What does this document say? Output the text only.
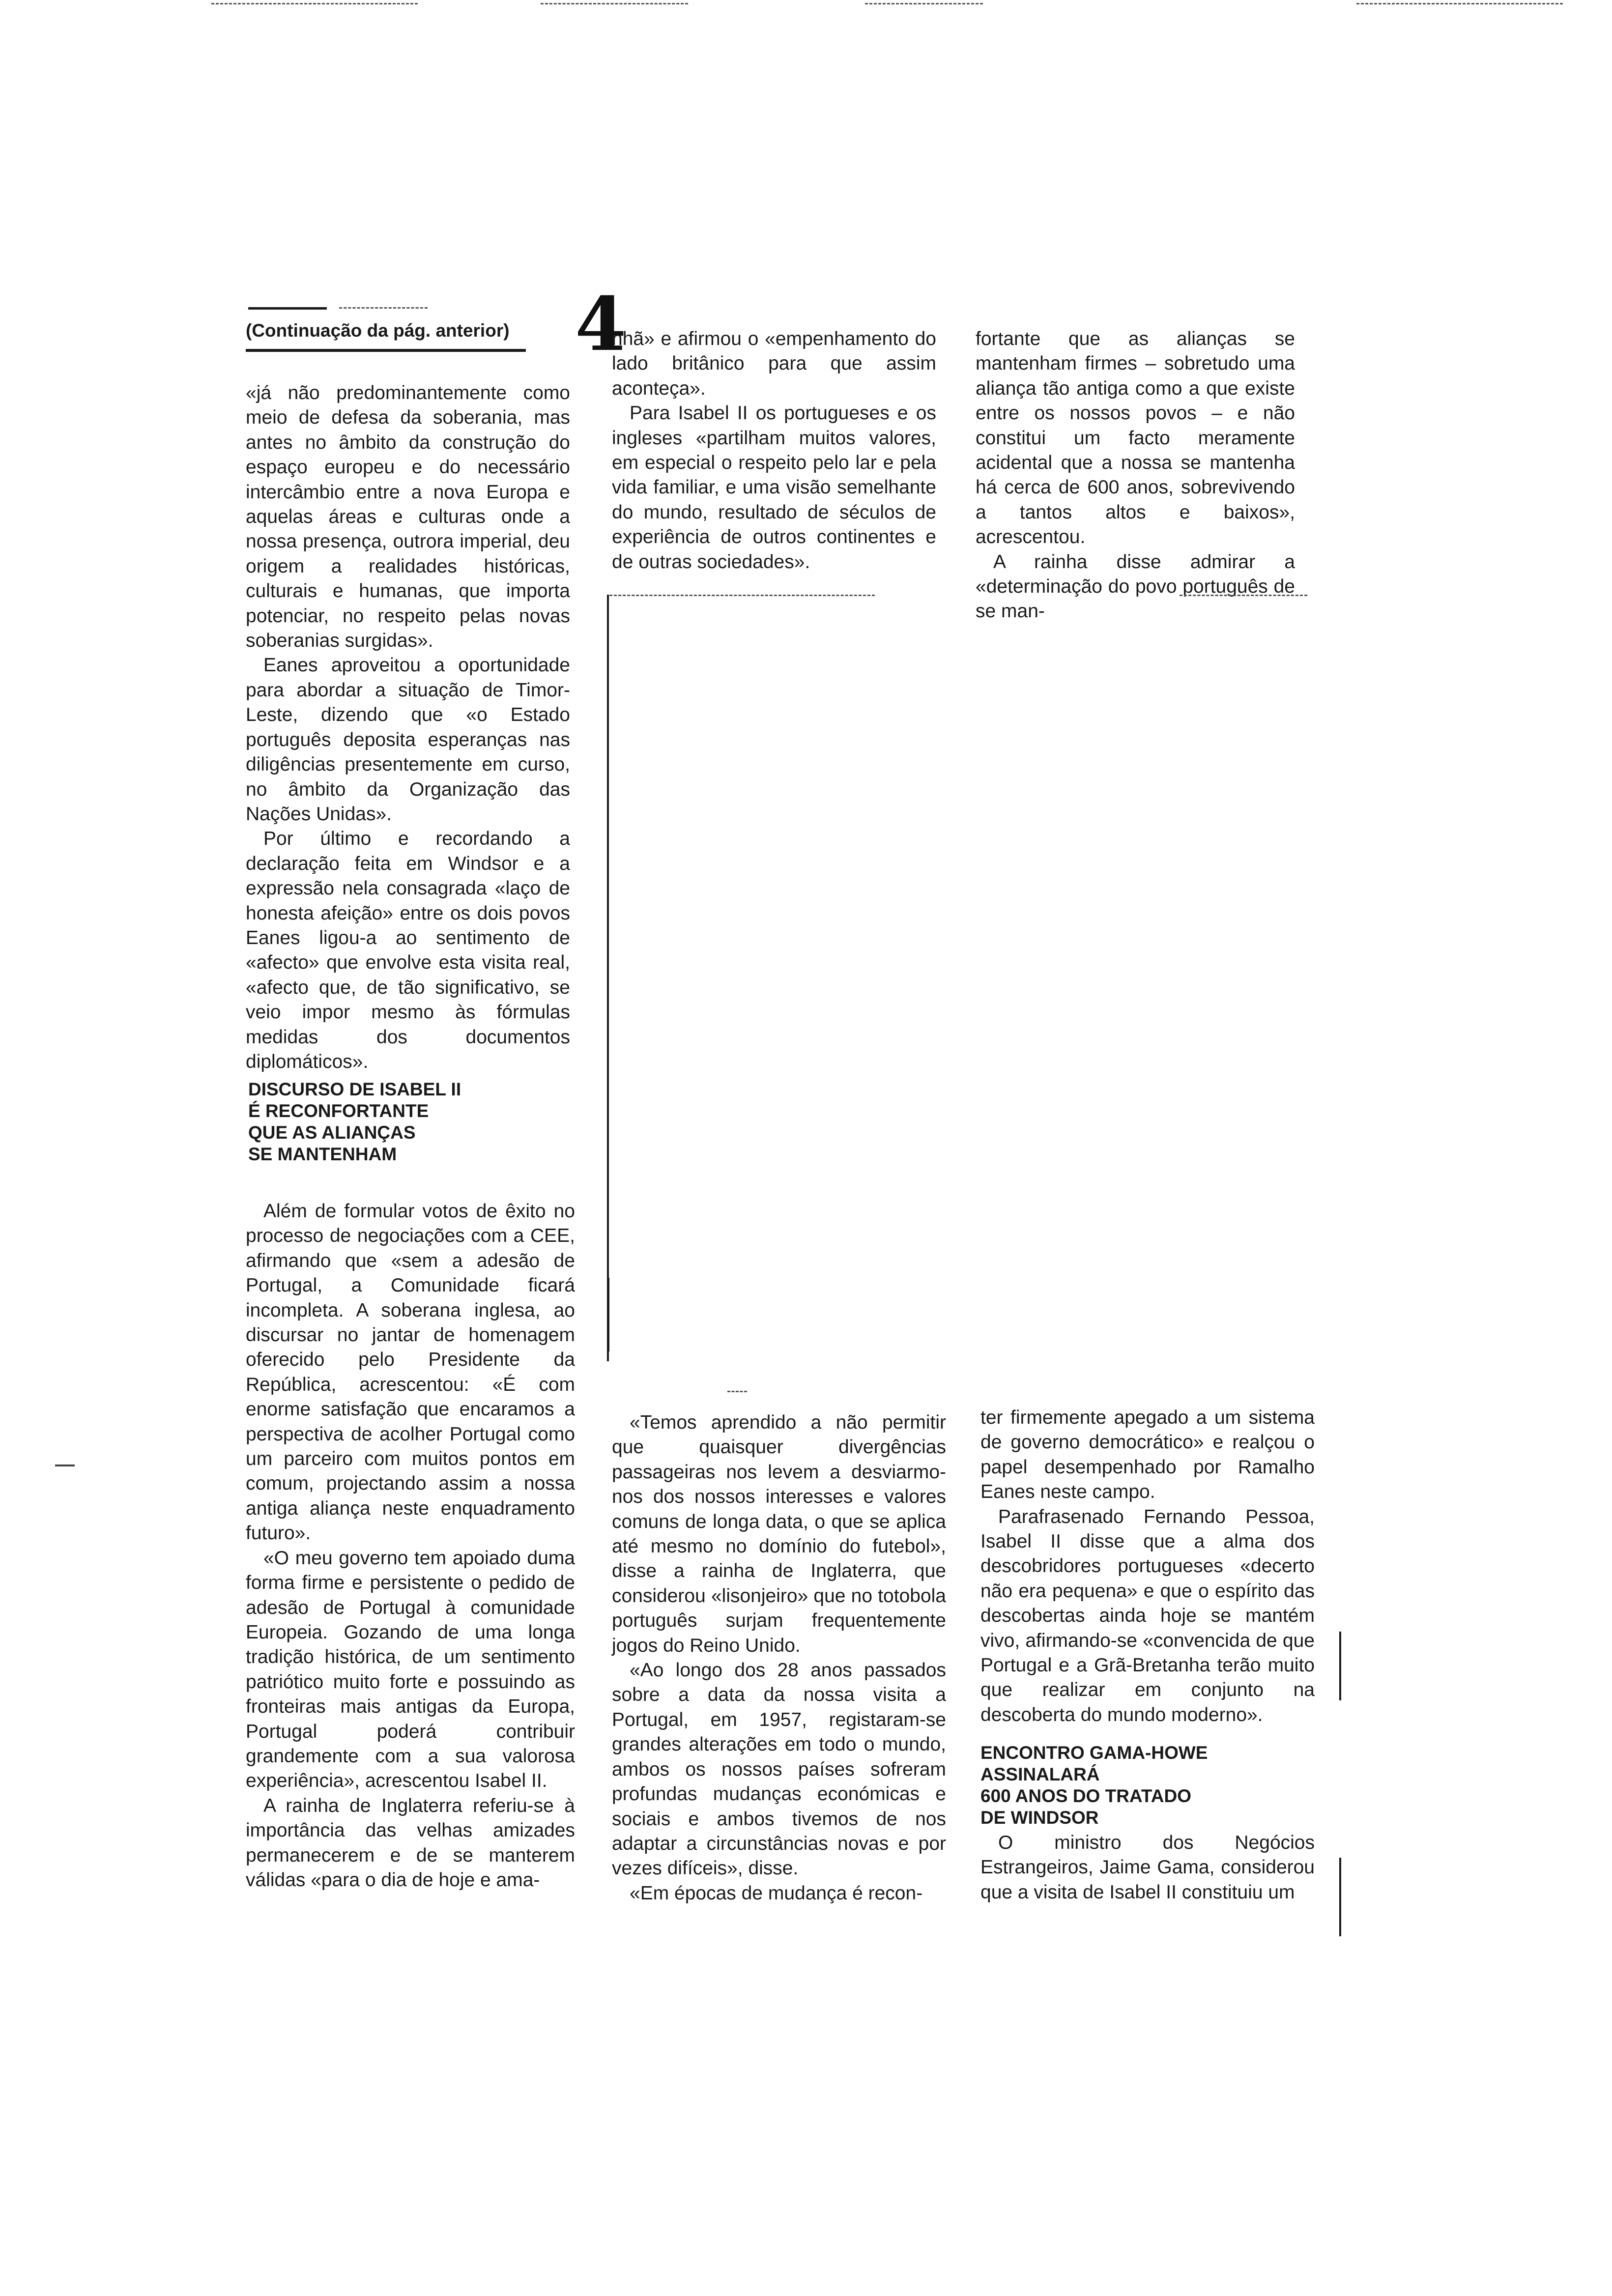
(Continuação da pág. anterior) 4

«já não predominantemente como meio de defesa da soberania, mas antes no âmbito da construção do espaço europeu e do necessário intercâmbio entre a nova Europa e aquelas áreas e culturas onde a nossa presença, outrora imperial, deu origem a realidades históricas, culturais e humanas, que importa potenciar, no respeito pelas novas soberanias surgidas».

Eanes aproveitou a oportunidade para abordar a situação de Timor-Leste, dizendo que «o Estado português deposita esperanças nas diligências presentemente em curso, no âmbito da Organização das Nações Unidas».

Por último e recordando a declaração feita em Windsor e a expressão nela consagrada «laço de honesta afeição» entre os dois povos Eanes ligou-a ao sentimento de «afecto» que envolve esta visita real, «afecto que, de tão significativo, se veio impor mesmo às fórmulas medidas dos documentos diplomáticos».

DISCURSO DE ISABEL II
É RECONFORTANTE
QUE AS ALIANÇAS
SE MANTENHAM

Além de formular votos de êxito no processo de negociações com a CEE, afirmando que «sem a adesão de Portugal, a Comunidade ficará incompleta. A soberana inglesa, ao discursar no jantar de homenagem oferecido pelo Presidente da República, acrescentou: «É com enorme satisfação que encaramos a perspectiva de acolher Portugal como um parceiro com muitos pontos em comum, projectando assim a nossa antiga aliança neste enquadramento futuro».

«O meu governo tem apoiado duma forma firme e persistente o pedido de adesão de Portugal à comunidade Europeia. Gozando de uma longa tradição histórica, de um sentimento patriótico muito forte e possuindo as fronteiras mais antigas da Europa, Portugal poderá contribuir grandemente com a sua valorosa experiência», acrescentou Isabel II.

A rainha de Inglaterra referiu-se à importância das velhas amizades permanecerem e de se manterem válidas «para o dia de hoje e ama-

nhã» e afirmou o «empenhamento do lado britânico para que assim aconteça».

Para Isabel II os portugueses e os ingleses «partilham muitos valores, em especial o respeito pelo lar e pela vida familiar, e uma visão semelhante do mundo, resultado de séculos de experiência de outros continentes e de outras sociedades».

«Temos aprendido a não permitir que quaisquer divergências passageiras nos levem a desviarmo-nos dos nossos interesses e valores comuns de longa data, o que se aplica até mesmo no domínio do futebol», disse a rainha de Inglaterra, que considerou «lisonjeiro» que no totobola português surjam frequentemente jogos do Reino Unido.

«Ao longo dos 28 anos passados sobre a data da nossa visita a Portugal, em 1957, registaram-se grandes alterações em todo o mundo, ambos os nossos países sofreram profundas mudanças económicas e sociais e ambos tivemos de nos adaptar a circunstâncias novas e por vezes difíceis», disse.

«Em épocas de mudança é recon-

fortante que as alianças se mantenham firmes – sobretudo uma aliança tão antiga como a que existe entre os nossos povos – e não constitui um facto meramente acidental que a nossa se mantenha há cerca de 600 anos, sobrevivendo a tantos altos e baixos», acrescentou.

A rainha disse admirar a «determinação do povo português de se man-

ter firmemente apegado a um sistema de governo democrático» e realçou o papel desempenhado por Ramalho Eanes neste campo.

Parafrasenado Fernando Pessoa, Isabel II disse que a alma dos descobridores portugueses «decerto não era pequena» e que o espírito das descobertas ainda hoje se mantém vivo, afirmando-se «convencida de que Portugal e a Grã-Bretanha terão muito que realizar em conjunto na descoberta do mundo moderno».

ENCONTRO GAMA-HOWE
ASSINALARÁ
600 ANOS DO TRATADO
DE WINDSOR

O ministro dos Negócios Estrangeiros, Jaime Gama, considerou que a visita de Isabel II constituiu um
